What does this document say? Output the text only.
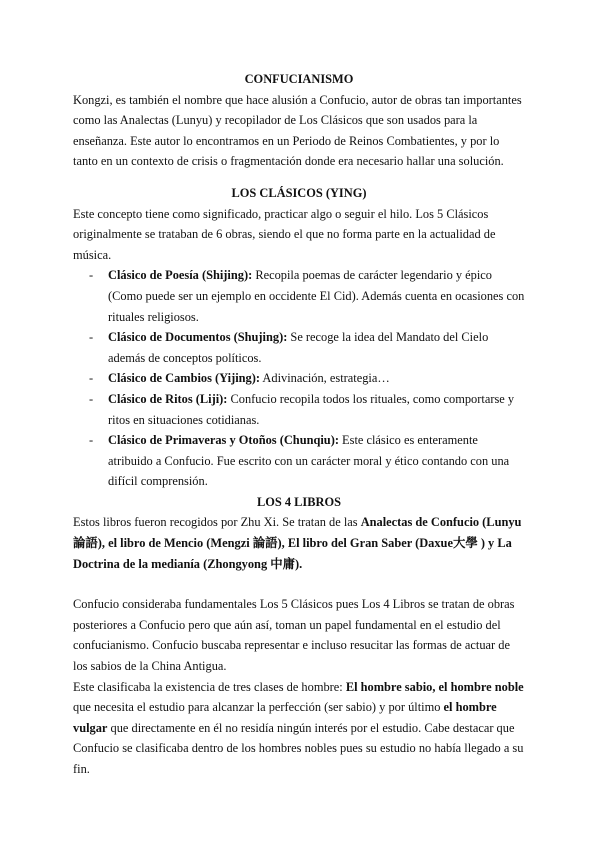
CONFUCIANISMO

Kongzi, es también el nombre que hace alusión a Confucio, autor de obras tan importantes como las Analectas (Lunyu) y recopilador de Los Clásicos que son usados para la enseñanza. Este autor lo encontramos en un Periodo de Reinos Combatientes, y por lo tanto en un contexto de crisis o fragmentación donde era necesario hallar una solución.

LOS CLÁSICOS (YING)

Este concepto tiene como significado, practicar algo o seguir el hilo. Los 5 Clásicos originalmente se trataban de 6 obras, siendo el que no forma parte en la actualidad de música.

- Clásico de Poesía (Shijing): Recopila poemas de carácter legendario y épico (Como puede ser un ejemplo en occidente El Cid). Además cuenta en ocasiones con rituales religiosos.
- Clásico de Documentos (Shujing): Se recoge la idea del Mandato del Cielo además de conceptos políticos.
- Clásico de Cambios (Yijing): Adivinación, estrategia…
- Clásico de Ritos (Liji): Confucio recopila todos los rituales, como comportarse y ritos en situaciones cotidianas.
- Clásico de Primaveras y Otoños (Chunqiu): Este clásico es enteramente atribuido a Confucio. Fue escrito con un carácter moral y ético contando con una difícil comprensión.
LOS 4 LIBROS

Estos libros fueron recogidos por Zhu Xi. Se tratan de las Analectas de Confucio (Lunyu 論語), el libro de Mencio (Mengzi 論語), El libro del Gran Saber (Daxue大學 ) y La Doctrina de la medianía (Zhongyong 中庸).

Confucio consideraba fundamentales Los 5 Clásicos pues Los 4 Libros se tratan de obras posteriores a Confucio pero que aún así, toman un papel fundamental en el estudio del confucianismo. Confucio buscaba representar e incluso resucitar las formas de actuar de los sabios de la China Antigua.

Este clasificaba la existencia de tres clases de hombre: El hombre sabio, el hombre noble que necesita el estudio para alcanzar la perfección (ser sabio) y por último el hombre vulgar que directamente en él no residía ningún interés por el estudio. Cabe destacar que Confucio se clasificaba dentro de los hombres nobles pues su estudio no había llegado a su fin.
